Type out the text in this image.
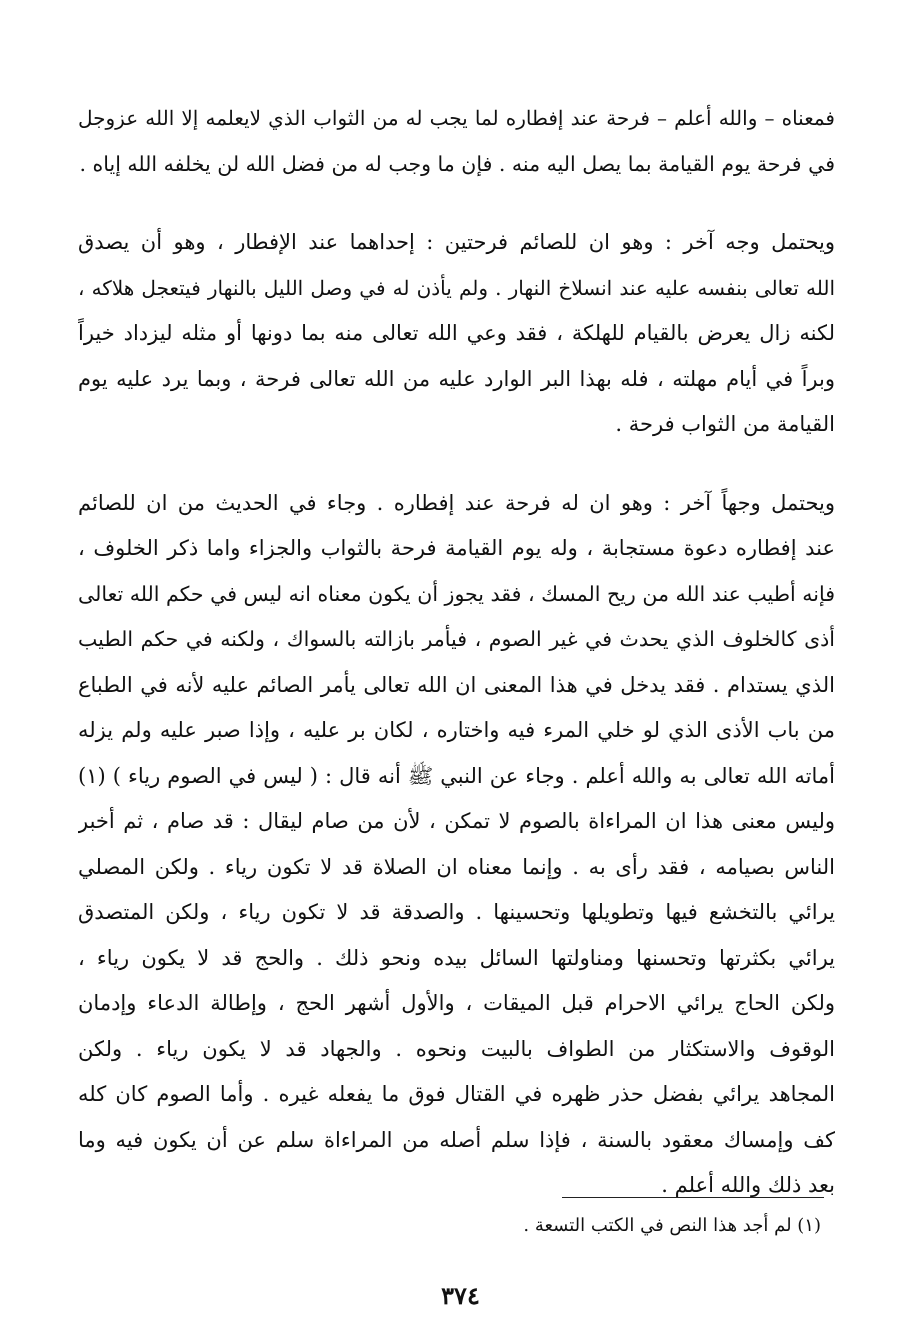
فمعناه – والله أعلم – فرحة عند إفطاره لما يجب له من الثواب الذي لايعلمه إلا الله عزوجل
في فرحة يوم القيامة بما يصل اليه منه . فإن ما وجب له من فضل الله لن يخلفه الله إياه .
ويحتمل وجه آخر : وهو ان للصائم فرحتين : إحداهما عند الإفطار ، وهو أن يصدق
الله تعالى بنفسه عليه عند انسلاخ النهار . ولم يأذن له في وصل الليل بالنهار فيتعجل هلاكه ،
لكنه زال يعرض بالقيام للهلكة ، فقد وعي الله تعالى منه بما دونها أو مثله ليزداد خيراً
وبراً في أيام مهلته ، فله بهذا البر الوارد عليه من الله تعالى فرحة ، وبما يرد عليه يوم
القيامة من الثواب فرحة .
ويحتمل وجهاً آخر : وهو ان له فرحة عند إفطاره . وجاء في الحديث من ان للصائم
عند إفطاره دعوة مستجابة ، وله يوم القيامة فرحة بالثواب والجزاء واما ذكر الخلوف ،
فإنه أطيب عند الله من ريح المسك ، فقد يجوز أن يكون معناه انه ليس في حكم الله تعالى
أذى كالخلوف الذي يحدث في غير الصوم ، فيأمر بازالته بالسواك ، ولكنه في حكم الطيب
الذي يستدام . فقد يدخل في هذا المعنى ان الله تعالى يأمر الصائم عليه لأنه في الطباع
من باب الأذى الذي لو خلي المرء فيه واختاره ، لكان بر عليه ، وإذا صبر عليه ولم يزله
أماته الله تعالى به والله أعلم . وجاء عن النبي ﷺ أنه قال : ( ليس في الصوم رياء ) (١)
وليس معنى هذا ان المراءاة بالصوم لا تمكن ، لأن من صام ليقال : قد صام ، ثم أخبر
الناس بصيامه ، فقد رأى به . وإنما معناه ان الصلاة قد لا تكون رياء . ولكن المصلي
يرائي بالتخشع فيها وتطويلها وتحسينها . والصدقة قد لا تكون رياء ، ولكن المتصدق
يرائي بكثرتها وتحسنها ومناولتها السائل بيده ونحو ذلك . والحج قد لا يكون رياء ،
ولكن الحاج يرائي الاحرام قبل الميقات ، والأول أشهر الحج ، وإطالة الدعاء وإدمان
الوقوف والاستكثار من الطواف بالبيت ونحوه . والجهاد قد لا يكون رياء . ولكن
المجاهد يرائي بفضل حذر ظهره في القتال فوق ما يفعله غيره . وأما الصوم كان كله
كف وإمساك معقود بالسنة ، فإذا سلم أصله من المراءاة سلم عن أن يكون فيه وما
بعد ذلك والله أعلم .
(١) لم أجد هذا النص في الكتب التسعة .
٣٧٤
